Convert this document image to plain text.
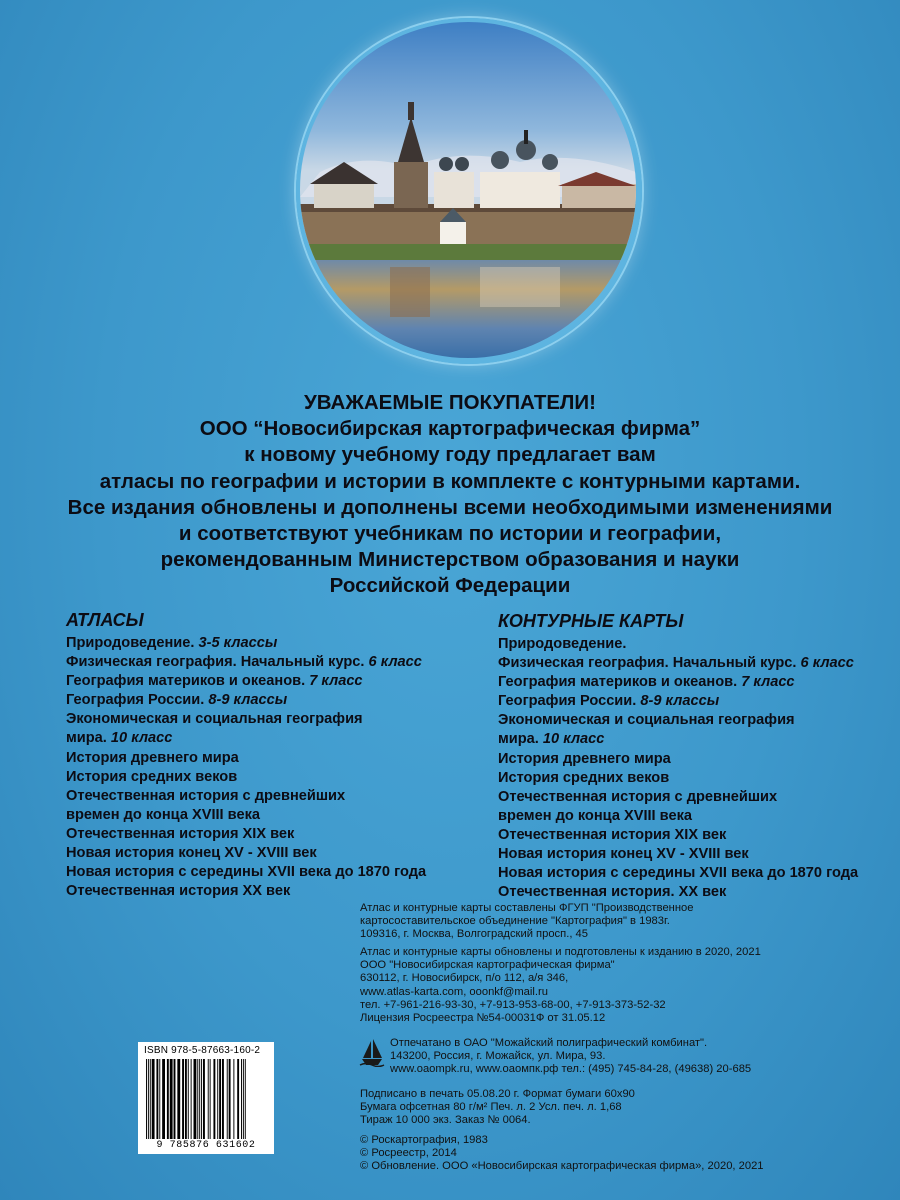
УВАЖАЕМЫЕ ПОКУПАТЕЛИ!
ООО “Новосибирская картографическая фирма”
к новому учебному году предлагает вам
атласы по географии и истории в комплекте с контурными картами.
Все издания обновлены и дополнены всеми необходимыми изменениями
и соответствуют учебникам по истории и географии,
рекомендованным Министерством образования и науки
Российской Федерации
АТЛАСЫ
Природоведение. 3-5 классы
Физическая география. Начальный курс. 6 класс
География материков и океанов. 7 класс
География России. 8-9 классы
Экономическая и социальная география
мира. 10 класс
История древнего мира
История средних веков
Отечественная история с древнейших
времен до конца XVIII века
Отечественная история XIX век
Новая история конец XV - XVIII век
Новая история с середины XVII века до 1870 года
Отечественная история XX век
КОНТУРНЫЕ КАРТЫ
Природоведение.
Физическая география. Начальный курс. 6 класс
География материков и океанов. 7 класс
География России. 8-9 классы
Экономическая и социальная география
мира. 10 класс
История древнего мира
История средних веков
Отечественная история с древнейших
времен до конца XVIII века
Отечественная история XIX век
Новая история конец XV - XVIII век
Новая история с середины XVII века до 1870 года
Отечественная история. XX век
Атлас и контурные карты составлены ФГУП "Производственное
картосоставительское объединение "Картография" в 1983г.
109316, г. Москва, Волгоградский просп., 45
Атлас и контурные карты обновлены и подготовлены к изданию в 2020, 2021
ООО "Новосибирская картографическая фирма"
630112, г. Новосибирск, п/о 112, а/я 346,
www.atlas-karta.com, ooonkf@mail.ru
тел. +7-961-216-93-30, +7-913-953-68-00, +7-913-373-52-32
Лицензия Росреестра №54-00031Ф от 31.05.12
Отпечатано в ОАО "Можайский полиграфический комбинат".
143200, Россия, г. Можайск, ул. Мира, 93.
www.oaompk.ru, www.оаомпк.рф тел.: (495) 745-84-28, (49638) 20-685
Подписано в печать 05.08.20 г. Формат бумаги 60х90
Бумага офсетная 80 г/м² Печ. л. 2 Усл. печ. л. 1,68
Тираж 10 000 экз. Заказ № 0064.
© Роскартография, 1983
© Росреестр, 2014
© Обновление. ООО «Новосибирская картографическая фирма», 2020, 2021
ISBN 978-5-87663-160-2
9 785876 631602
